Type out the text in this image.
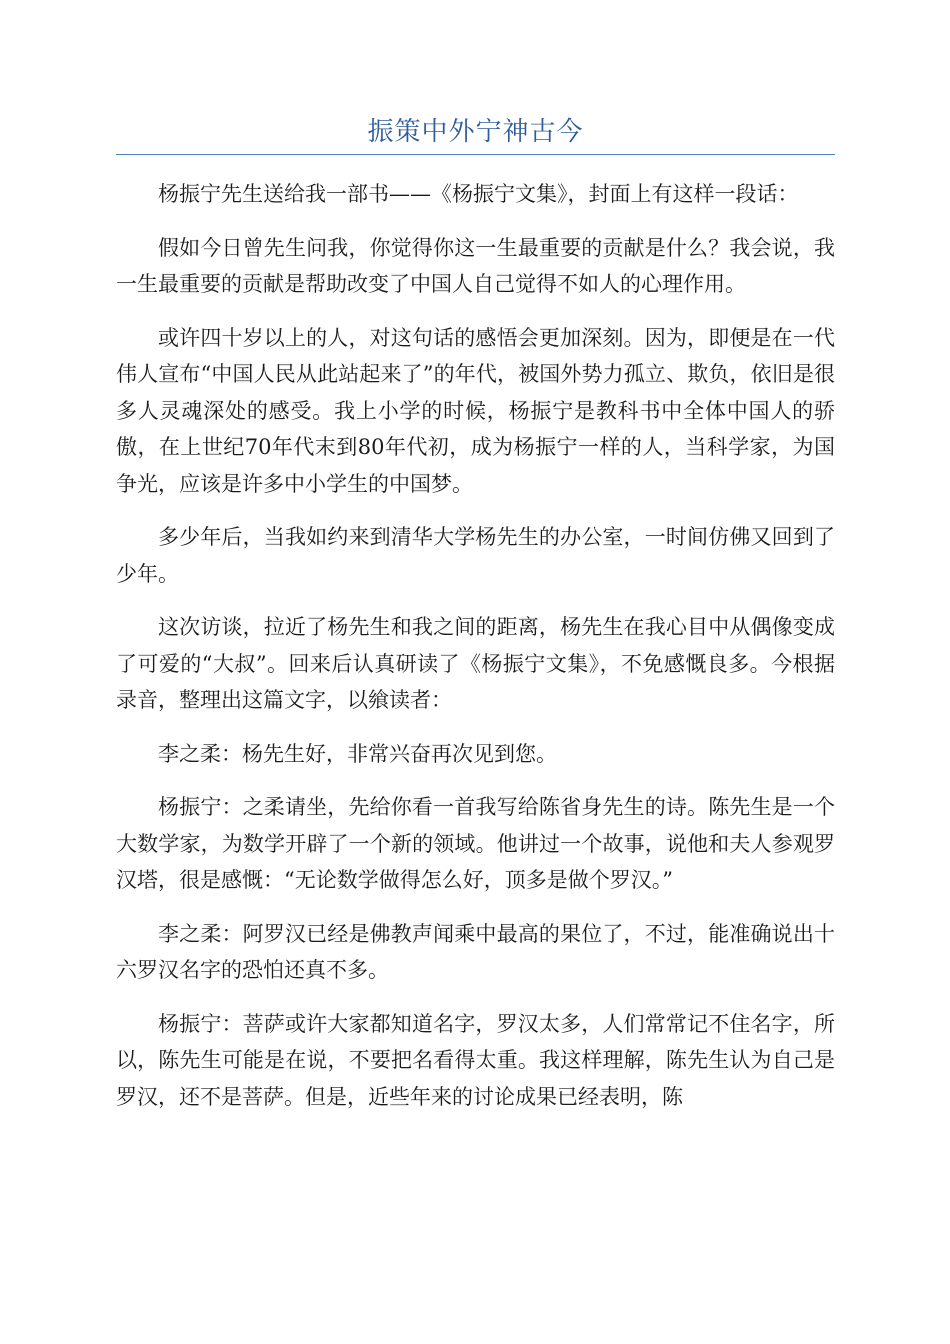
振策中外宁神古今

杨振宁先生送给我一部书——《杨振宁文集》，封面上有这样一段话：

假如今日曾先生问我，你觉得你这一生最重要的贡献是什么？我会说，我一生最重要的贡献是帮助改变了中国人自己觉得不如人的心理作用。

或许四十岁以上的人，对这句话的感悟会更加深刻。因为，即便是在一代伟人宣布“中国人民从此站起来了”的年代，被国外势力孤立、欺负，依旧是很多人灵魂深处的感受。我上小学的时候，杨振宁是教科书中全体中国人的骄傲，在上世纪70年代末到80年代初，成为杨振宁一样的人，当科学家，为国争光，应该是许多中小学生的中国梦。

多少年后，当我如约来到清华大学杨先生的办公室，一时间仿佛又回到了少年。

这次访谈，拉近了杨先生和我之间的距离，杨先生在我心目中从偶像变成了可爱的“大叔”。回来后认真研读了《杨振宁文集》，不免感慨良多。今根据录音，整理出这篇文字，以飨读者：

李之柔：杨先生好，非常兴奋再次见到您。

杨振宁：之柔请坐，先给你看一首我写给陈省身先生的诗。陈先生是一个大数学家，为数学开辟了一个新的领域。他讲过一个故事，说他和夫人参观罗汉塔，很是感慨：“无论数学做得怎么好，顶多是做个罗汉。”

李之柔：阿罗汉已经是佛教声闻乘中最高的果位了，不过，能准确说出十六罗汉名字的恐怕还真不多。

杨振宁：菩萨或许大家都知道名字，罗汉太多，人们常常记不住名字，所以，陈先生可能是在说，不要把名看得太重。我这样理解，陈先生认为自己是罗汉，还不是菩萨。但是，近些年来的讨论成果已经表明，陈
